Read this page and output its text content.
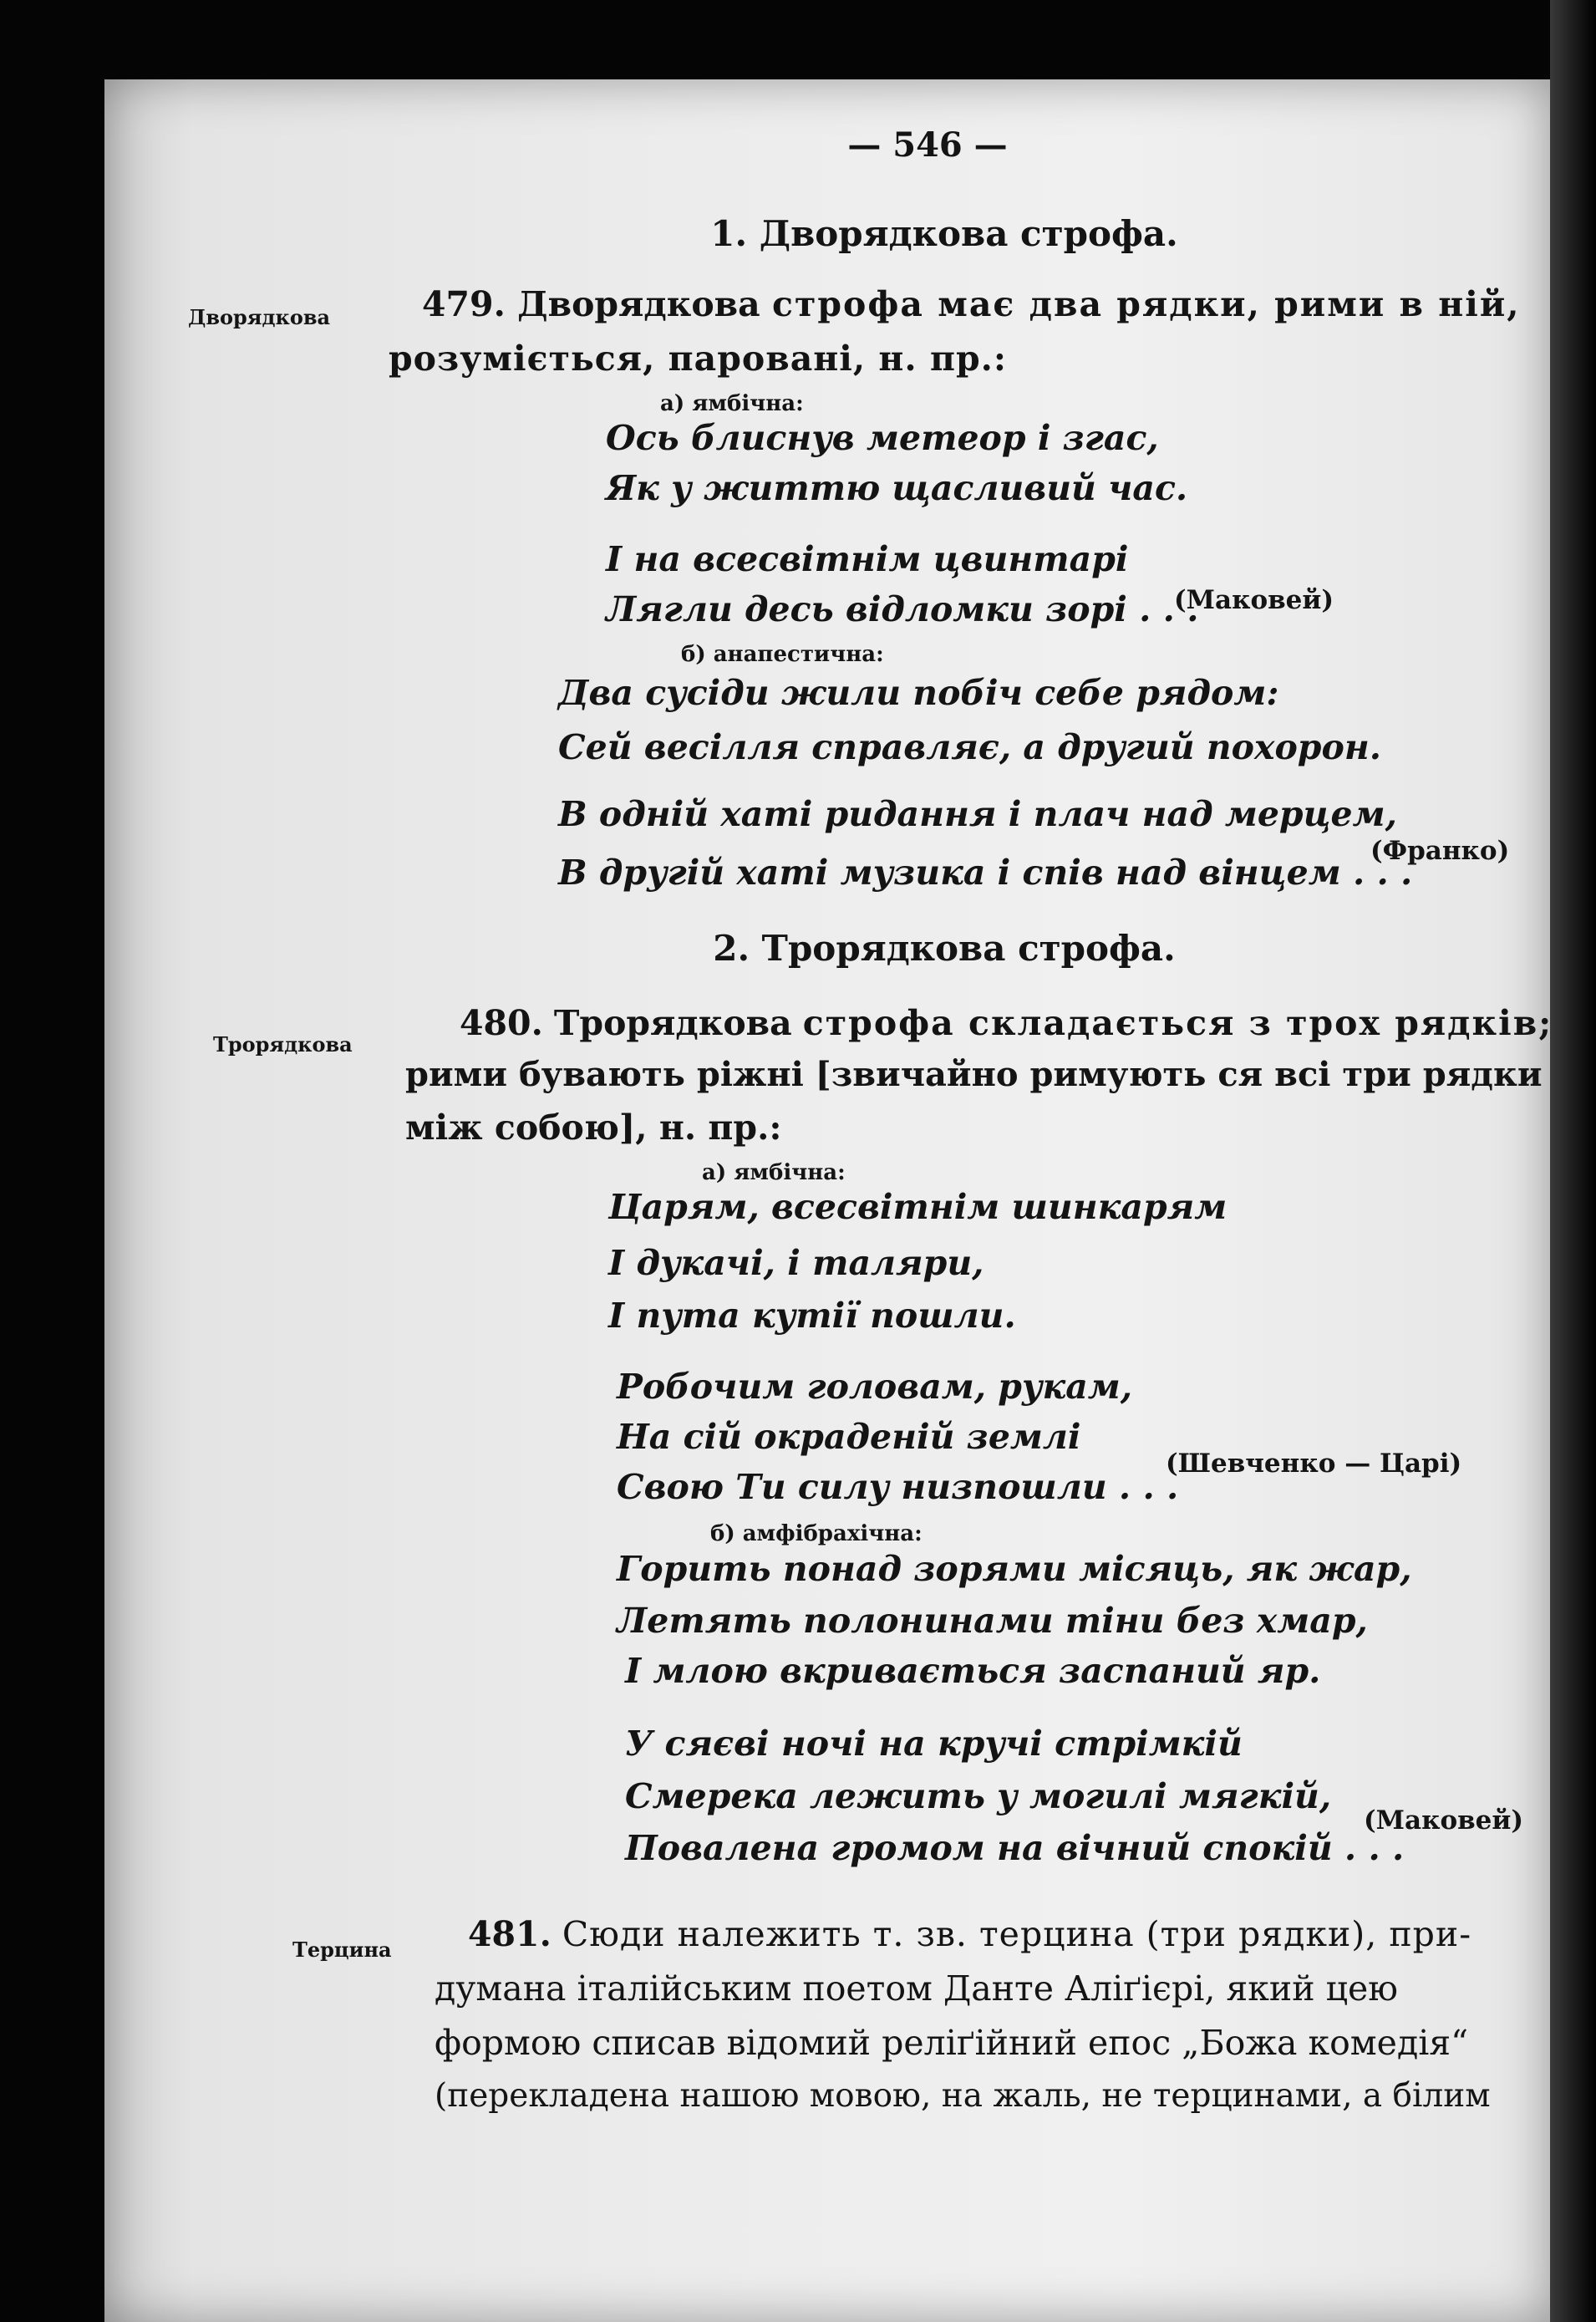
— 546 —
1. Двоpядкова строфа.
Двоpядкова	479. Двоpядкова строфа має два рядки, рими в ній,
розуміється, паровані, н. пр.:
а) ямбічна:
Ось блиснув метеор і згас,
Як у життю щасливий час.
І на всесвітнім цвинтарі
Лягли десь відломки зорі . . .
(Маковей)
б) анапестична:
Два сусіди жили побіч себе рядом:
Сей весілля справляє, а другий похорон.
В одній хаті ридання і плач над мерцем,
В другій хаті музика і спів над вінцем . . .
(Франко)
2. Трорядкова строфа.
Трорядкова
480. Трорядкова строфа складається з трох рядків;
рими бувають ріжні [звичайно римують ся всі три рядки
між собою], н. пр.:
а) ямбічна:
Царям, всесвітнім шинкарям
І дукачі, і таляри,
І пута кутії пошли.
Робочим головам, рукам,
На сій окраденій землі
Свою Ти силу низпошли . . .
(Шевченко — Царі)
б) амфібрахічна:
Горить понад зорями місяць, як жар,
Летять полонинами тіни без хмар,
І млою вкривається заспаний яр.
У сяєві ночі на кручі стрімкій
Смерека лежить у могилі мягкій,
Повалена громом на вічний спокій . . .
(Маковей)
Терцина 481. Сюди належить т. зв. терцина (три рядки), при-
думана італійським поетом Данте Аліґієрі, який цею
формою списав відомий реліґійний епос „Божа комедія“
(перекладена нашою мовою, на жаль, не терцинами, а білим
